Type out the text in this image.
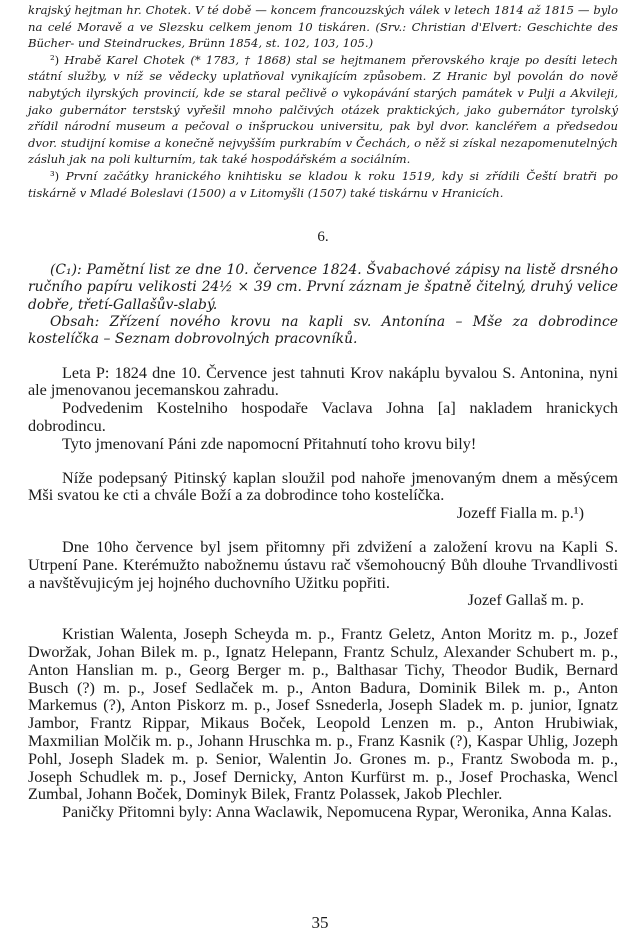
krajský hejtman hr. Chotek. V té době — koncem francouzských válek v letech 1814 až 1815 — bylo na celé Moravě a ve Slezsku celkem jenom 10 tiskáren. (Srv.: Christian d'Elvert: Geschichte des Bücher- und Steindruckes, Brünn 1854, st. 102, 103, 105.)

²) Hrabě Karel Chotek (* 1783, † 1868) stal se hejtmanem přerovského kraje po desíti letech státní služby, v níž se vědecky uplatňoval vynikajícím způsobem. Z Hranic byl povolán do nově nabytých ilyrských provincií, kde se staral pečlivě o vykopávání starých památek v Pulji a Akvileji, jako gubernátor terstský vyřešil mnoho palčivých otázek praktických, jako gubernátor tyrolský zřídil národní museum a pečoval o inšpruckou universitu, pak byl dvor. kancléřem a předsedou dvor. studijní komise a konečně nejvyšším purkrabím v Čechách, o něž si získal nezapomenutelných zásluh jak na poli kulturním, tak také hospodářském a sociálním.

³) První začátky hranického knihtisku se kladou k roku 1519, kdy si zřídili Čeští bratři po tiskárně v Mladé Boleslavi (1500) a v Litomyšli (1507) také tiskárnu v Hranicích.

6.

(C₁): Pamětní list ze dne 10. července 1824. Švabachové zápisy na listě drsného ručního papíru velikosti 24½ × 39 cm. První záznam je špatně čitelný, druhý velice dobře, třetí-Gallašův-slabý.

Obsah: Zřízení nového krovu na kapli sv. Antonína – Mše za dobrodince kostelíčka – Seznam dobrovolných pracovníků.

Leta P: 1824 dne 10. Července jest tahnuti Krov nakáplu byvalou S. Antonina, nyni ale jmenovanou jecemanskou zahradu.

Podvedenim Kostelniho hospodaře Vaclava Johna [a] nakladem hranickych dobrodincu.

Tyto jmenovaní Páni zde napomocní Přitahnutí toho krovu bily!

Níže podepsaný Pitinský kaplan sloužil pod nahoře jmenovaným dnem a měsýcem Mši svatou ke cti a chvále Boží a za dobrodince toho kostelíčka.

Jozeff Fialla m. p.¹)

Dne 10ho července byl jsem přitomny při zdvižení a založení krovu na Kapli S. Utrpení Pane. Kterémužto nabožnemu ústavu rač všemohoucný Bůh dlouhe Trvandlivosti a navštěvujicým jej hojného duchovního Užitku popřiti.

Jozef Gallaš m. p.

Kristian Walenta, Joseph Scheyda m. p., Frantz Geletz, Anton Moritz m. p., Jozef Dworžak, Johan Bilek m. p., Ignatz Helepann, Frantz Schulz, Alexander Schubert m. p., Anton Hanslian m. p., Georg Berger m. p., Balthasar Tichy, Theodor Budik, Bernard Busch (?) m. p., Josef Sedlaček m. p., Anton Badura, Dominik Bilek m. p., Anton Markemus (?), Anton Piskorz m. p., Josef Ssnederla, Joseph Sladek m. p. junior, Ignatz Jambor, Frantz Rippar, Mikaus Boček, Leopold Lenzen m. p., Anton Hrubiwiak, Maxmilian Molčik m. p., Johann Hruschka m. p., Franz Kasnik (?), Kaspar Uhlig, Jozeph Pohl, Joseph Sladek m. p. Senior, Walentin Jo. Grones m. p., Frantz Swoboda m. p., Joseph Schudlek m. p., Josef Dernicky, Anton Kurfürst m. p., Josef Prochaska, Wencl Zumbal, Johann Boček, Dominyk Bilek, Frantz Polassek, Jakob Plechler.

Paničky Přitomni byly: Anna Waclawik, Nepomucena Rypar, Weronika, Anna Kalas.

35
